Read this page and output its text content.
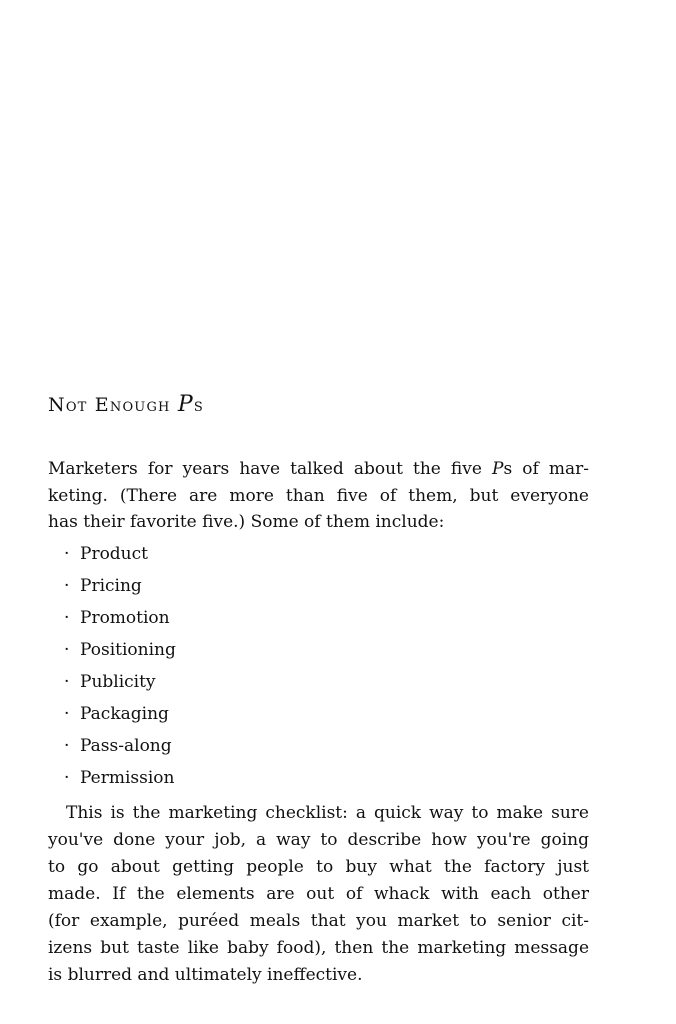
Not Enough Ps
Marketers for years have talked about the five Ps of mar-
keting. (There are more than five of them, but everyone
has their favorite five.) Some of them include:
· Product
· Pricing
· Promotion
· Positioning
· Publicity
· Packaging
· Pass-along
· Permission
This is the marketing checklist: a quick way to make sure
you've done your job, a way to describe how you're going
to go about getting people to buy what the factory just
made. If the elements are out of whack with each other
(for example, puréed meals that you market to senior cit-
izens but taste like baby food), then the marketing message
is blurred and ultimately ineffective.
